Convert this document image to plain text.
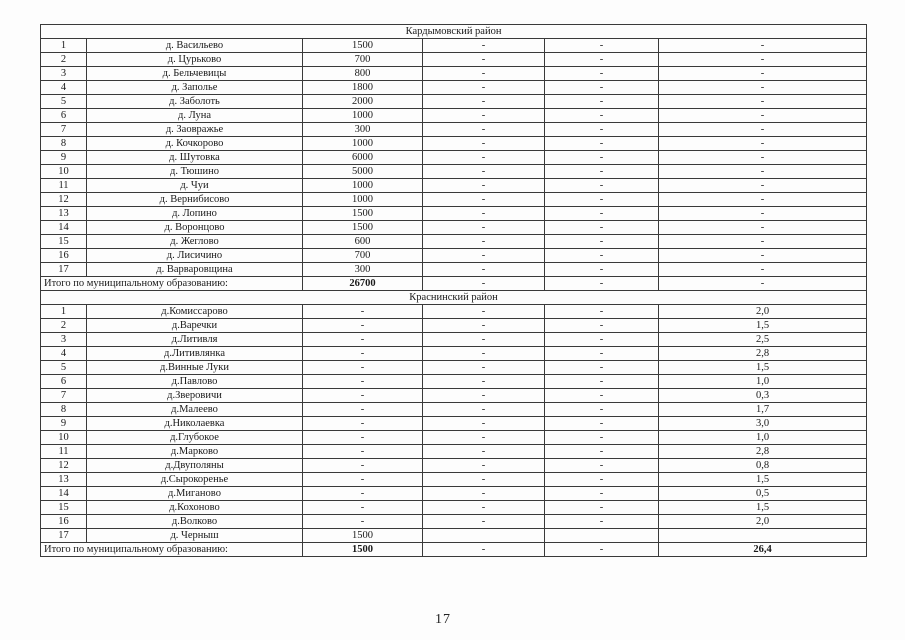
Кардымовский район					
1	д. Васильево	1500	-	-	-
2	д. Цурьково	700	-	-	-
3	д. Бельчевицы	800	-	-	-
4	д. Заполье	1800	-	-	-
5	д. Заболоть	2000	-	-	-
6	д. Луна	1000	-	-	-
7	д. Заовражье	300	-	-	-
8	д. Кочкорово	1000	-	-	-
9	д. Шутовка	6000	-	-	-
10	д. Тюшино	5000	-	-	-
11	д. Чуи	1000	-	-	-
12	д. Вернибисово	1000	-	-	-
13	д. Лопино	1500	-	-	-
14	д. Воронцово	1500	-	-	-
15	д. Жеглово	600	-	-	-
16	д. Лисичино	700	-	-	-
17	д. Варваровщина	300	-	-	-
Итого по муниципальному образованию:		26700	-	-	-
Краснинский район					
1	д.Комиссарово	-	-	-	2,0
2	д.Варечки	-	-	-	1,5
3	д.Литивля	-	-	-	2,5
4	д.Литивлянка	-	-	-	2,8
5	д.Винные Луки	-	-	-	1,5
6	д.Павлово	-	-	-	1,0
7	д.Зверовичи	-	-	-	0,3
8	д.Малеево	-	-	-	1,7
9	д.Николаевка	-	-	-	3,0
10	д.Глубокое	-	-	-	1,0
11	д.Марково	-	-	-	2,8
12	д.Двуполяны	-	-	-	0,8
13	д.Сырокоренье	-	-	-	1,5
14	д.Миганово	-	-	-	0,5
15	д.Кохоново	-	-	-	1,5
16	д.Волково	-	-	-	2,0
17	д. Черныш	1500			
Итого по муниципальному образованию:		1500	-	-	26,4
17
